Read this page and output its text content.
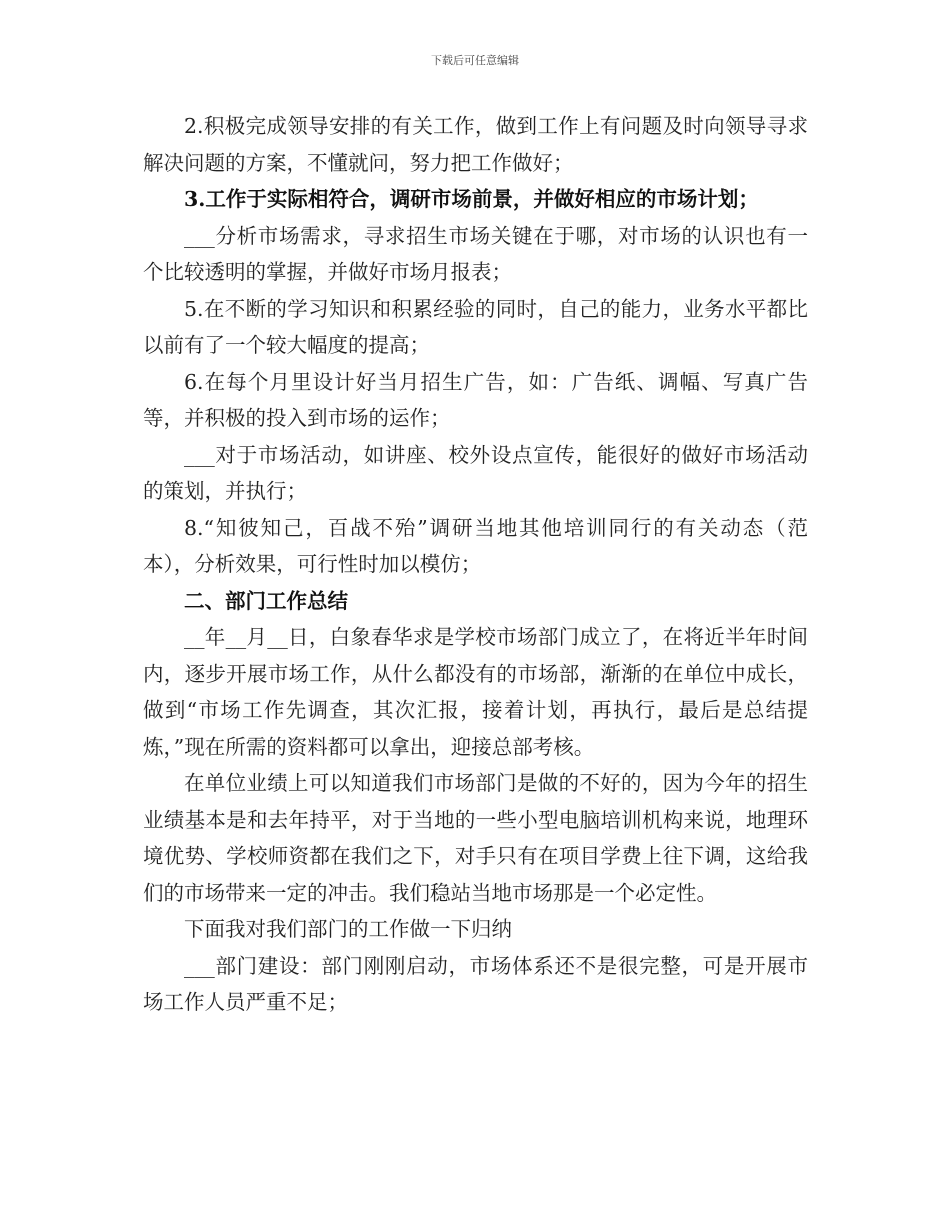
下载后可任意编辑

2.积极完成领导安排的有关工作，做到工作上有问题及时向领导寻求解决问题的方案，不懂就问，努力把工作做好；

3.工作于实际相符合，调研市场前景，并做好相应的市场计划；

___分析市场需求，寻求招生市场关键在于哪，对市场的认识也有一个比较透明的掌握，并做好市场月报表；

5.在不断的学习知识和积累经验的同时，自己的能力，业务水平都比以前有了一个较大幅度的提高；

6.在每个月里设计好当月招生广告，如：广告纸、调幅、写真广告等，并积极的投入到市场的运作；

___对于市场活动，如讲座、校外设点宣传，能很好的做好市场活动的策划，并执行；

8.“知彼知己，百战不殆”调研当地其他培训同行的有关动态（范本），分析效果，可行性时加以模仿；

二、部门工作总结

__年__月__日，白象春华求是学校市场部门成立了，在将近半年时间内，逐步开展市场工作，从什么都没有的市场部，渐渐的在单位中成长，做到“市场工作先调查，其次汇报，接着计划，再执行，最后是总结提炼，”现在所需的资料都可以拿出，迎接总部考核。

在单位业绩上可以知道我们市场部门是做的不好的，因为今年的招生业绩基本是和去年持平，对于当地的一些小型电脑培训机构来说，地理环境优势、学校师资都在我们之下，对手只有在项目学费上往下调，这给我们的市场带来一定的冲击。我们稳站当地市场那是一个必定性。

下面我对我们部门的工作做一下归纳

___部门建设：部门刚刚启动，市场体系还不是很完整，可是开展市场工作人员严重不足；
